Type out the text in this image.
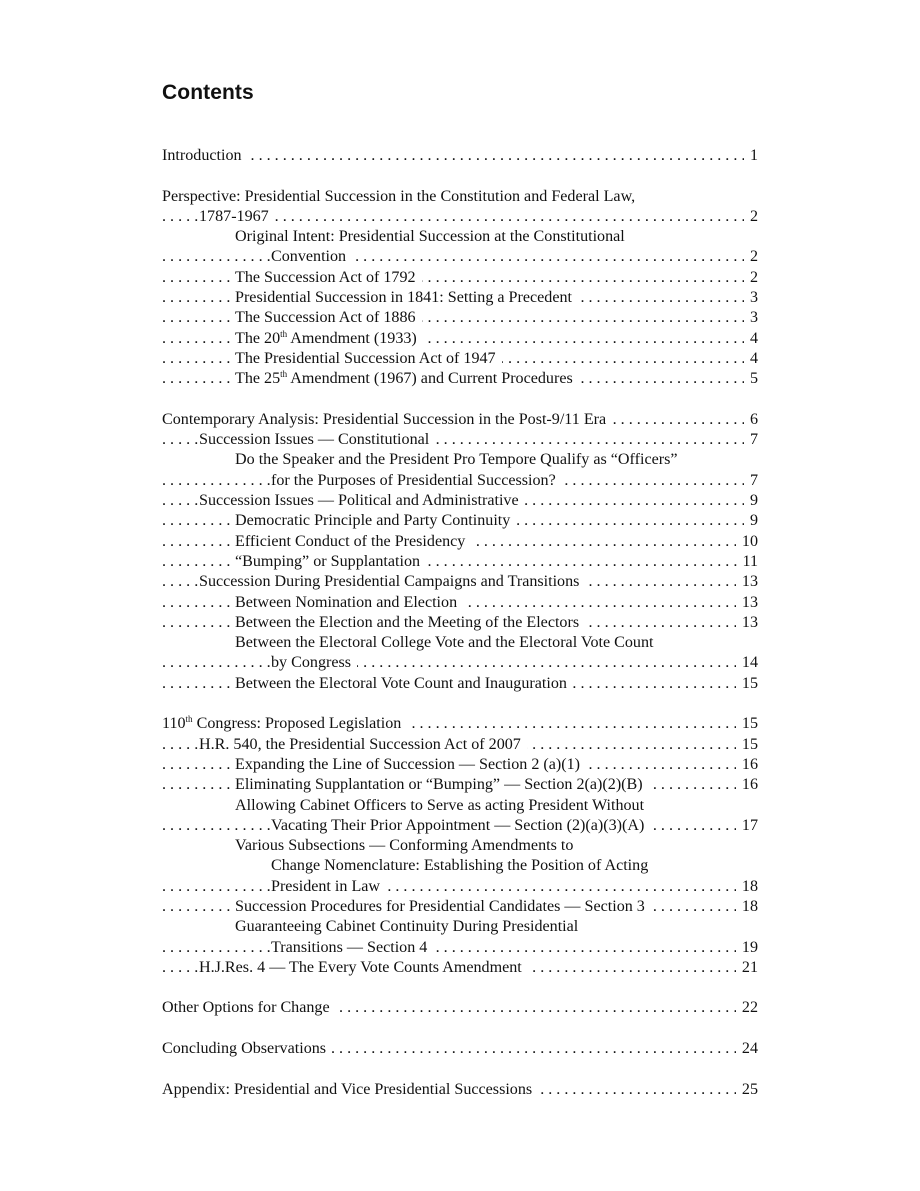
Contents
Introduction	1
. . .
Perspective: Presidential Succession in the Constitution and Federal Law,
1787-1967	2
. . .
Original Intent: Presidential Succession at the Constitutional
Convention	2
. . .
The Succession Act of 1792	2
. . .
Presidential Succession in 1841: Setting a Precedent	3
. . .
The Succession Act of 1886	3
. . .
The 20th Amendment (1933)	4
. . .
The Presidential Succession Act of 1947	4
. . .
The 25th Amendment (1967) and Current Procedures	5
. . .
Contemporary Analysis: Presidential Succession in the Post-9/11 Era	6
. . .
Succession Issues — Constitutional	7
. . .
Do the Speaker and the President Pro Tempore Qualify as “Officers”
for the Purposes of Presidential Succession?	7
. . .
Succession Issues — Political and Administrative	9
. . .
Democratic Principle and Party Continuity	9
. . .
Efficient Conduct of the Presidency	10
. . .
“Bumping” or Supplantation	11
. . .
Succession During Presidential Campaigns and Transitions	13
. . .
Between Nomination and Election	13
. . .
Between the Election and the Meeting of the Electors	13
. . .
Between the Electoral College Vote and the Electoral Vote Count
by Congress	14
. . .
Between the Electoral Vote Count and Inauguration	15
. . .
110th Congress: Proposed Legislation	15
. . .
H.R. 540, the Presidential Succession Act of 2007	15
. . .
Expanding the Line of Succession — Section 2 (a)(1)	16
. . .
Eliminating Supplantation or “Bumping” — Section 2(a)(2)(B)	16
. . .
Allowing Cabinet Officers to Serve as acting President Without
Vacating Their Prior Appointment — Section (2)(a)(3)(A)	17
. . .
Various Subsections — Conforming Amendments to
Change Nomenclature: Establishing the Position of Acting
President in Law	18
. . .
Succession Procedures for Presidential Candidates — Section 3	18
. . .
Guaranteeing Cabinet Continuity During Presidential
Transitions — Section 4	19
. . .
H.J.Res. 4 — The Every Vote Counts Amendment	21
. . .
Other Options for Change	22
. . .
Concluding Observations	24
. . .
Appendix: Presidential and Vice Presidential Successions	25
. . .
